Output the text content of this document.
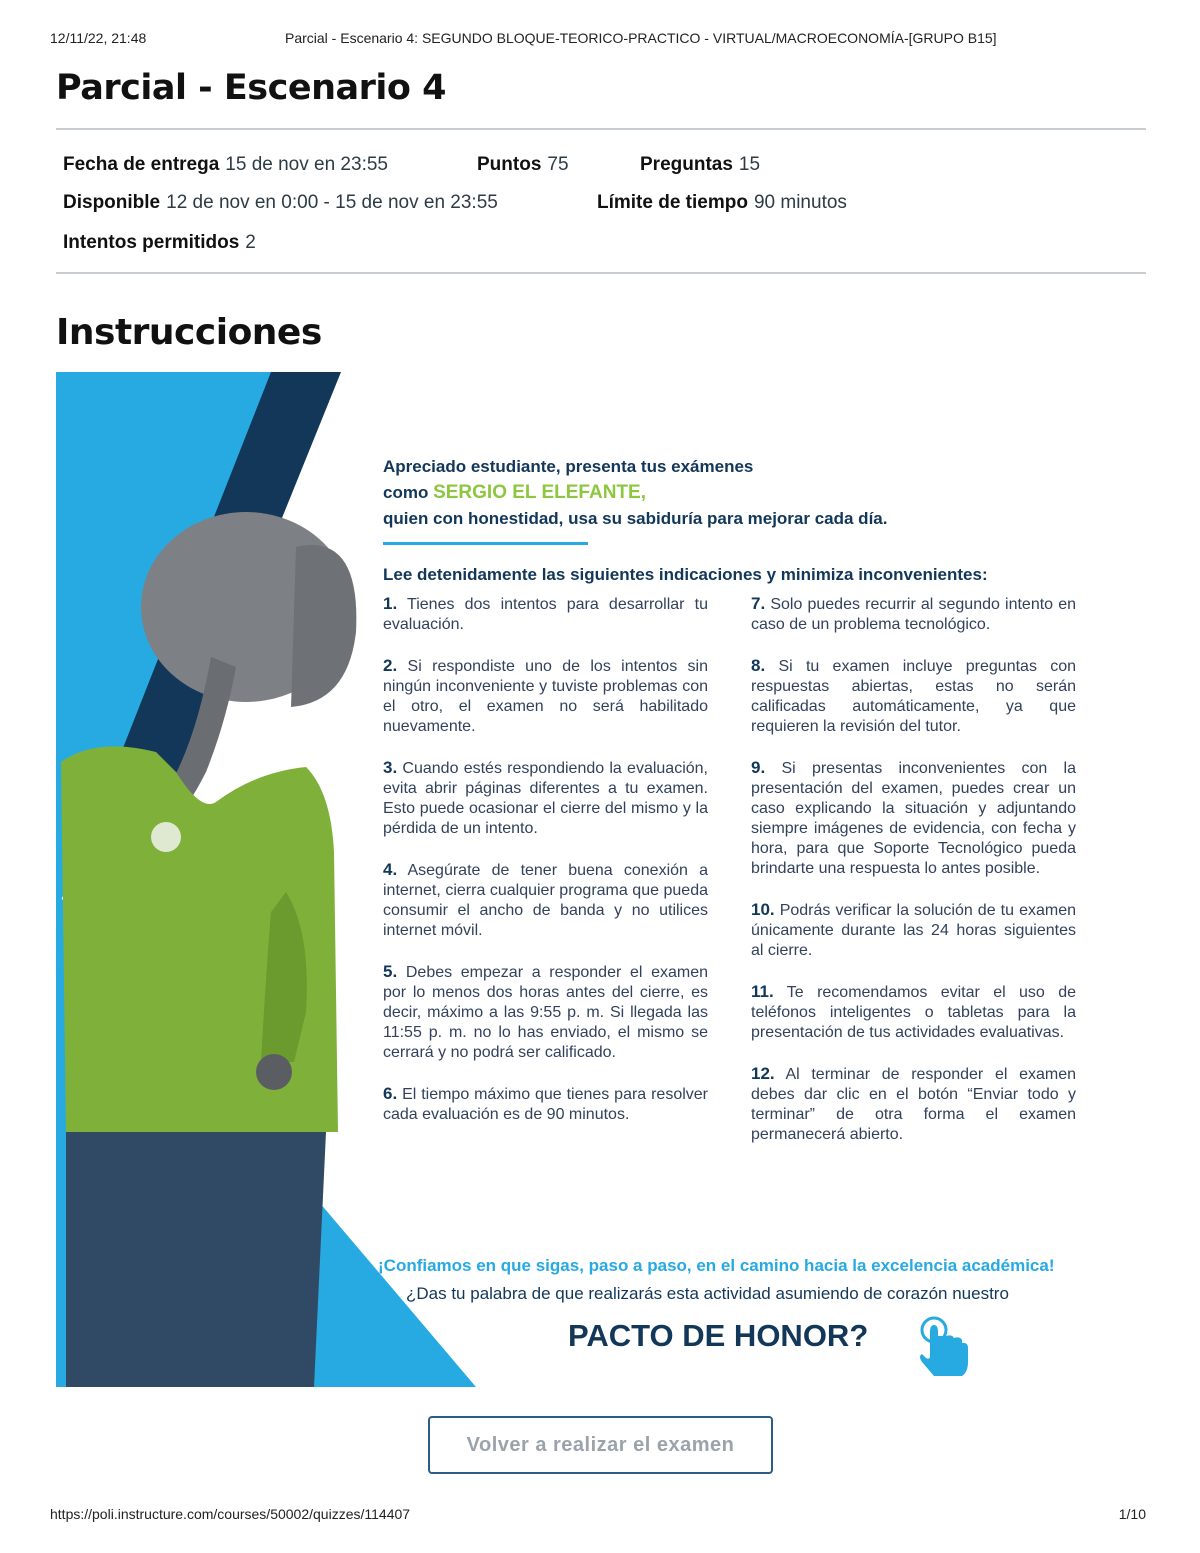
12/11/22, 21:48	Parcial - Escenario 4: SEGUNDO BLOQUE-TEORICO-PRACTICO - VIRTUAL/MACROECONOMÍA-[GRUPO B15]
Parcial - Escenario 4
Fecha de entrega 15 de nov en 23:55	Puntos 75	Preguntas 15
Disponible 12 de nov en 0:00 - 15 de nov en 23:55	Límite de tiempo 90 minutos
Intentos permitidos 2
Instrucciones
Apreciado estudiante, presenta tus exámenes
como SERGIO EL ELEFANTE,
quien con honestidad, usa su sabiduría para mejorar cada día.
Lee detenidamente las siguientes indicaciones y minimiza inconvenientes:
1. Tienes dos intentos para desarrollar tu evaluación.
2. Si respondiste uno de los intentos sin ningún inconveniente y tuviste problemas con el otro, el examen no será habilitado nuevamente.
3. Cuando estés respondiendo la evaluación, evita abrir páginas diferentes a tu examen. Esto puede ocasionar el cierre del mismo y la pérdida de un intento.
4. Asegúrate de tener buena conexión a internet, cierra cualquier programa que pueda consumir el ancho de banda y no utilices internet móvil.
5. Debes empezar a responder el examen por lo menos dos horas antes del cierre, es decir, máximo a las 9:55 p. m. Si llegada las 11:55 p. m. no lo has enviado, el mismo se cerrará y no podrá ser calificado.
6. El tiempo máximo que tienes para resolver cada evaluación es de 90 minutos.
7. Solo puedes recurrir al segundo intento en caso de un problema tecnológico.
8. Si tu examen incluye preguntas con respuestas abiertas, estas no serán calificadas automáticamente, ya que requieren la revisión del tutor.
9. Si presentas inconvenientes con la presentación del examen, puedes crear un caso explicando la situación y adjuntando siempre imágenes de evidencia, con fecha y hora, para que Soporte Tecnológico pueda brindarte una respuesta lo antes posible.
10. Podrás verificar la solución de tu examen únicamente durante las 24 horas siguientes al cierre.
11. Te recomendamos evitar el uso de teléfonos inteligentes o tabletas para la presentación de tus actividades evaluativas.
12. Al terminar de responder el examen debes dar clic en el botón “Enviar todo y terminar” de otra forma el examen permanecerá abierto.
¡Confiamos en que sigas, paso a paso, en el camino hacia la excelencia académica!
¿Das tu palabra de que realizarás esta actividad asumiendo de corazón nuestro
PACTO DE HONOR?
Volver a realizar el examen
https://poli.instructure.com/courses/50002/quizzes/114407	1/10
